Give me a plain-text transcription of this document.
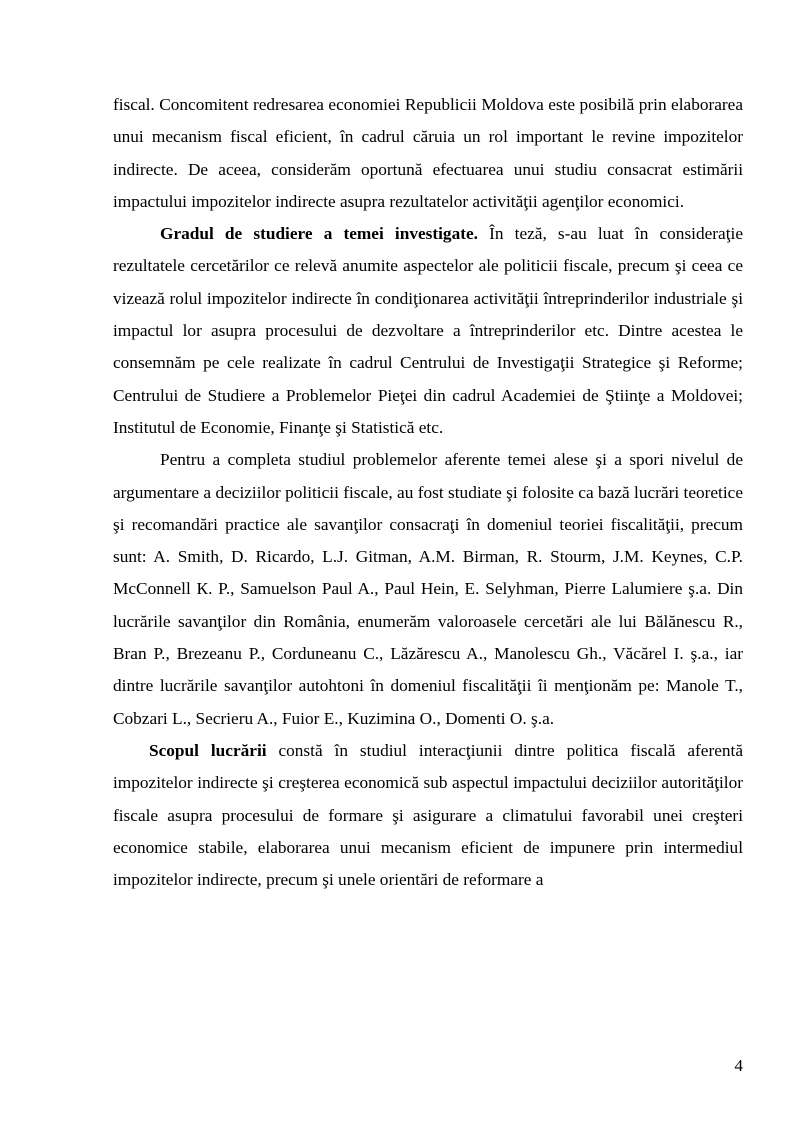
fiscal. Concomitent redresarea economiei Republicii Moldova este posibilă prin elaborarea unui mecanism fiscal eficient, în cadrul căruia un rol important le revine impozitelor indirecte. De aceea, considerăm oportună efectuarea unui studiu consacrat estimării impactului impozitelor indirecte asupra rezultatelor activităţii agenţilor economici.

Gradul de studiere a temei investigate. În teză, s-au luat în consideraţie rezultatele cercetărilor ce relevă anumite aspectelor ale politicii fiscale, precum şi ceea ce vizează rolul impozitelor indirecte în condiţionarea activităţii întreprinderilor industriale şi impactul lor asupra procesului de dezvoltare a întreprinderilor etc. Dintre acestea le consemnăm pe cele realizate în cadrul Centrului de Investigaţii Strategice şi Reforme; Centrului de Studiere a Problemelor Pieţei din cadrul Academiei de Ştiinţe a Moldovei; Institutul de Economie, Finanţe şi Statistică etc.

Pentru a completa studiul problemelor aferente temei alese şi a spori nivelul de argumentare a deciziilor politicii fiscale, au fost studiate şi folosite ca bază lucrări teoretice şi recomandări practice ale savanţilor consacraţi în domeniul teoriei fiscalităţii, precum sunt: A. Smith, D. Ricardo, L.J. Gitman, A.M. Birman, R. Stourm, J.M. Keynes, C.P. McConnell К. P., Samuelson Paul A., Paul Hein, E. Selyhman, Pierre Lalumiere ş.a. Din lucrările savanţilor din România, enumerăm valoroasele cercetări ale lui Bălănescu R., Bran P., Brezeanu P., Corduneanu C., Lăzărescu A., Manolescu Gh., Văcărel I. ş.a., iar dintre lucrările savanţilor autohtoni în domeniul fiscalităţii îi menţionăm pe: Manole T., Cobzari L., Secrieru A., Fuior E., Kuzimina O., Domenti O. ş.a.

Scopul lucrării constă în studiul interacţiunii dintre politica fiscală aferentă impozitelor indirecte şi creşterea economică sub aspectul impactului deciziilor autorităţilor fiscale asupra procesului de formare şi asigurare a climatului favorabil unei creşteri economice stabile, elaborarea unui mecanism eficient de impunere prin intermediul impozitelor indirecte, precum şi unele orientări de reformare a

4
